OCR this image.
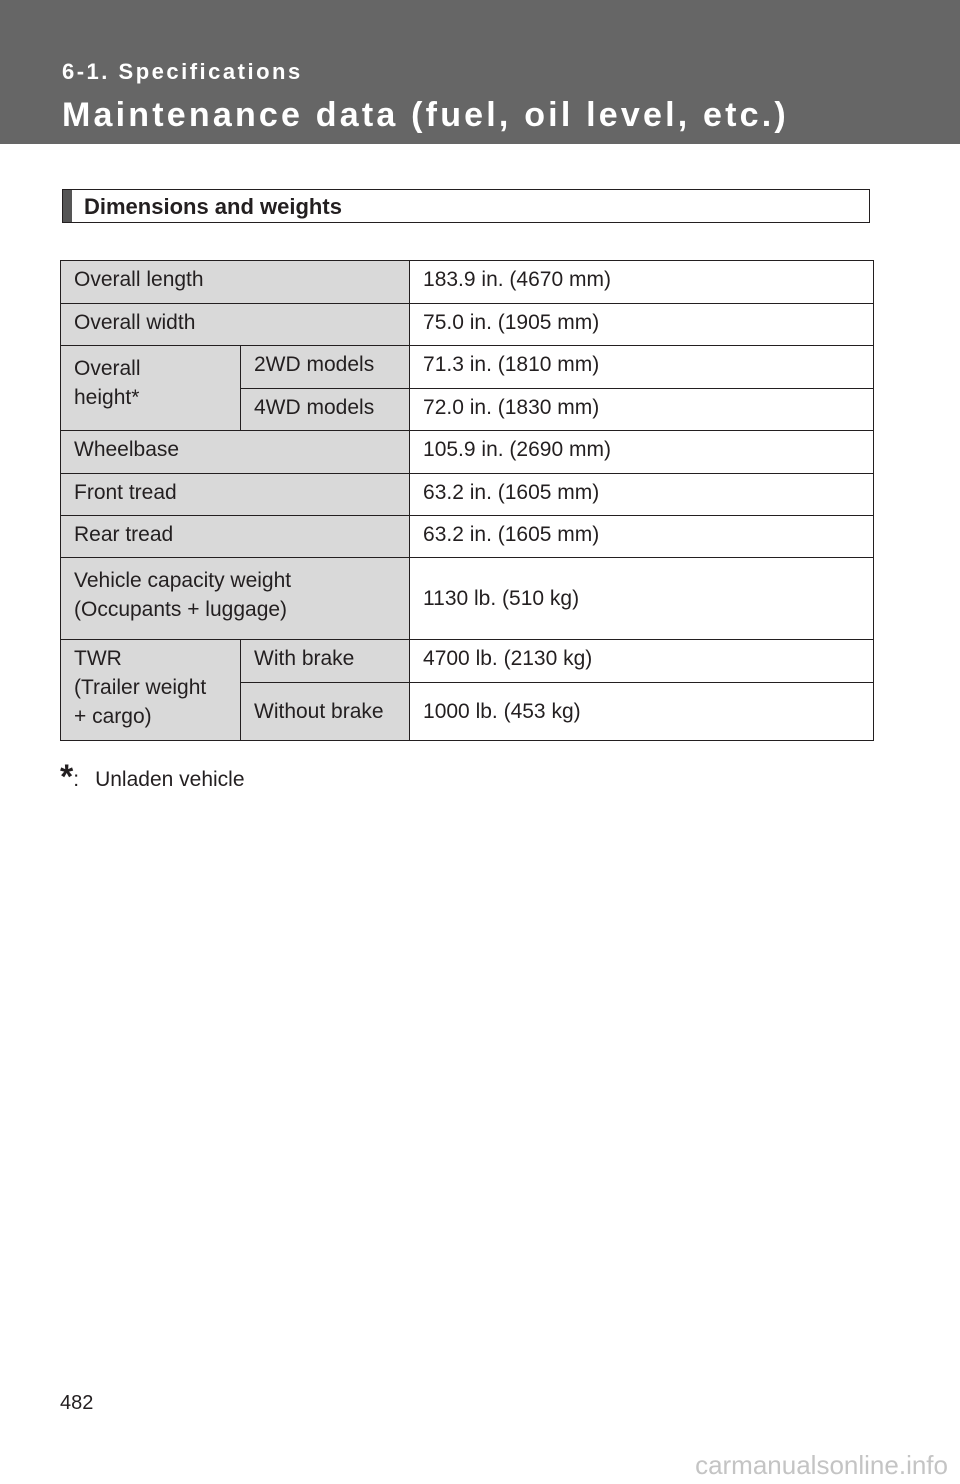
6-1. Specifications
Maintenance data (fuel, oil level, etc.)
Dimensions and weights
Overall length		183.9 in. (4670 mm)
Overall width		75.0 in. (1905 mm)

Overall
height*	2WD models	71.3 in. (1810 mm)
	4WD models	72.0 in. (1830 mm)
Wheelbase		105.9 in. (2690 mm)
Front tread		63.2 in. (1605 mm)
Rear tread		63.2 in. (1605 mm)

Vehicle capacity weight
(Occupants + luggage)		1130 lb. (510 kg)

TWR
(Trailer weight
+ cargo)	With brake	4700 lb. (2130 kg)
	Without brake	1000 lb. (453 kg)
*: Unladen vehicle
482
carmanualsonline.info
